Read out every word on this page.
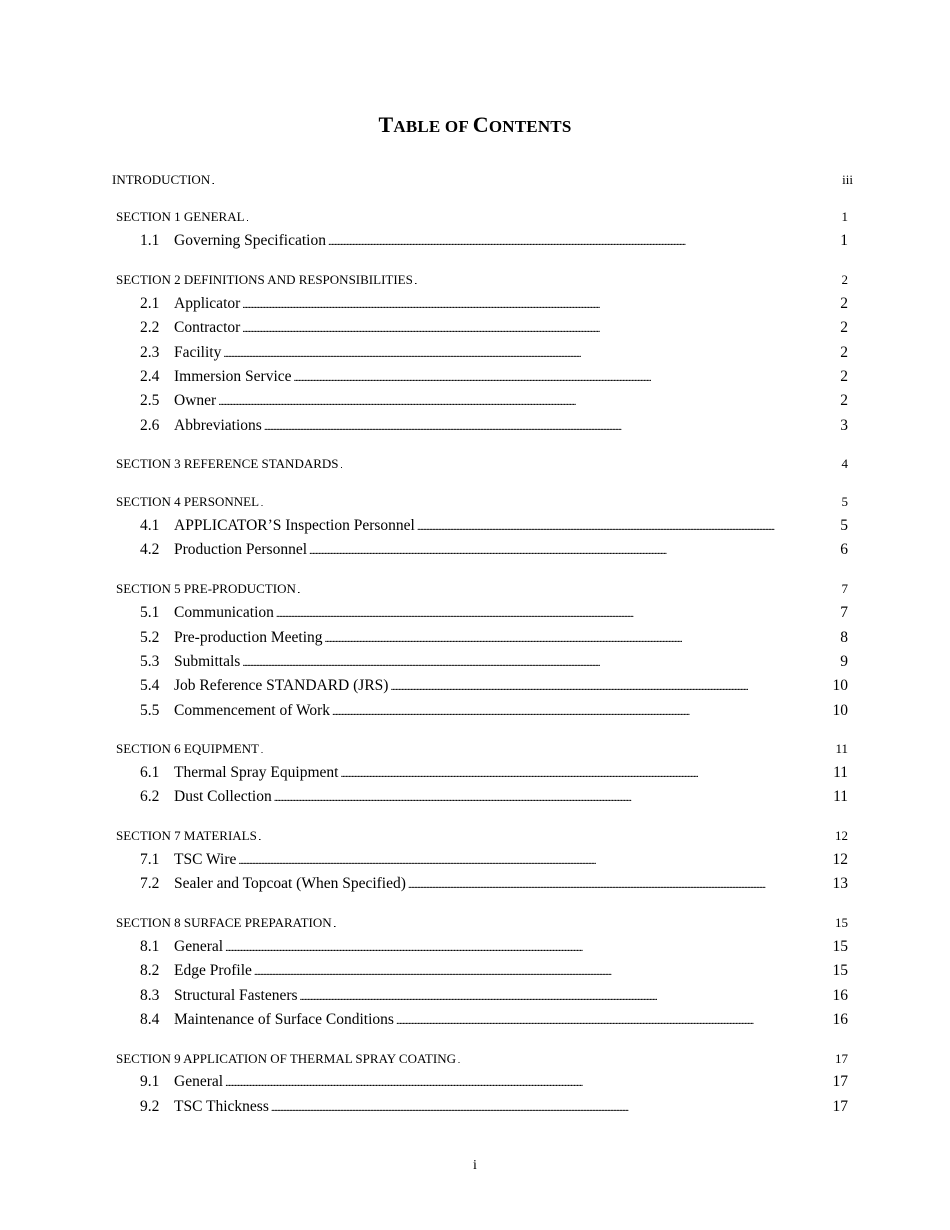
TABLE OF CONTENTS
INTRODUCTION . . .	iii
SECTION 1 GENERAL . . .	1
1.1 Governing Specification . . .	1
SECTION 2 DEFINITIONS AND RESPONSIBILITIES . . .	2
2.1 Applicator . . .	2
2.2 Contractor . . .	2
2.3 Facility . . .	2
2.4 Immersion Service . . .	2
2.5 Owner . . .	2
2.6 Abbreviations . . .	3
SECTION 3 REFERENCE STANDARDS . . .	4
SECTION 4 PERSONNEL . . .	5
4.1 APPLICATOR’S Inspection Personnel . . .	5
4.2 Production Personnel . . .	6
SECTION 5 PRE-PRODUCTION . . .	7
5.1 Communication . . .	7
5.2 Pre-production Meeting . . .	8
5.3 Submittals . . .	9
5.4 Job Reference STANDARD (JRS) . . .	10
5.5 Commencement of Work . . .	10
SECTION 6 EQUIPMENT . . .	11
6.1 Thermal Spray Equipment . . .	11
6.2 Dust Collection . . .	11
SECTION 7 MATERIALS . . .	12
7.1 TSC Wire . . .	12
7.2 Sealer and Topcoat (When Specified) . . .	13
SECTION 8 SURFACE PREPARATION . . .	15
8.1 General . . .	15
8.2 Edge Profile . . .	15
8.3 Structural Fasteners . . .	16
8.4 Maintenance of Surface Conditions . . .	16
SECTION 9 APPLICATION OF THERMAL SPRAY COATING . . .	17
9.1 General . . .	17
9.2 TSC Thickness . . .	17
i
